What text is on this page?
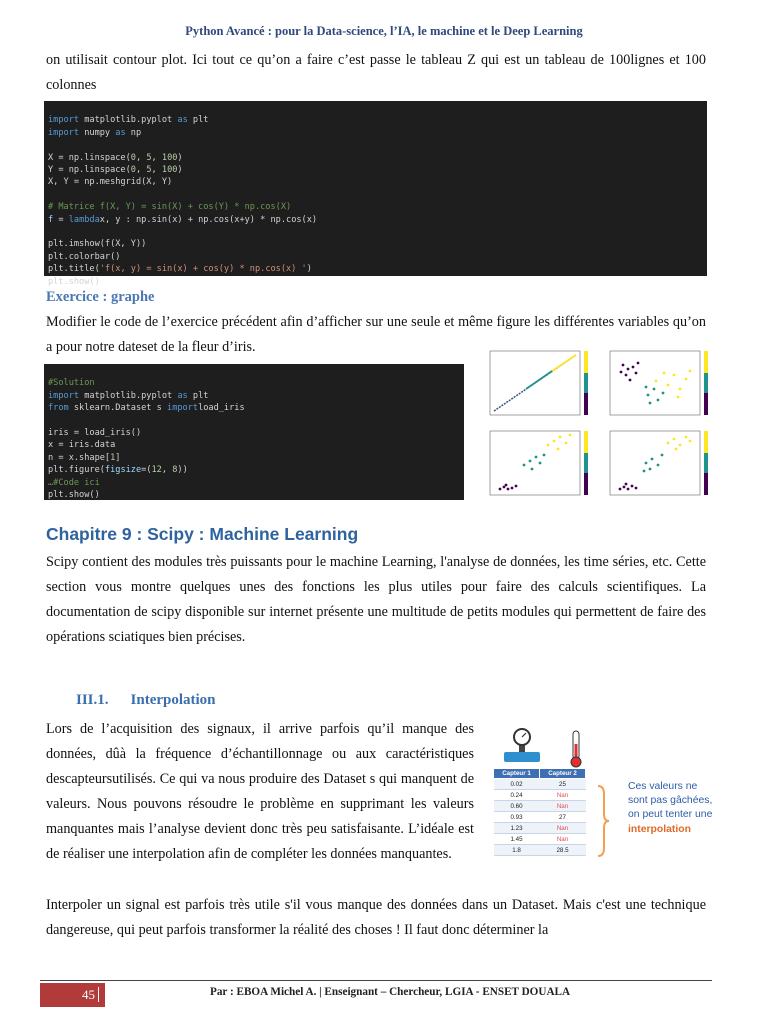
Python Avancé : pour la Data-science, l’IA, le machine et le Deep Learning

on utilisait contour plot. Ici tout ce qu’on a faire c’est passe le tableau Z qui est un tableau de 100lignes et 100 colonnes

import matplotlib.pyplot as plt
import numpy as np

X = np.linspace(0, 5, 100)
Y = np.linspace(0, 5, 100)
X, Y = np.meshgrid(X, Y)

# Matrice f(X, Y) = sin(X) + cos(Y) * np.cos(X)
f = lambdax, y : np.sin(x) + np.cos(x+y) * np.cos(x)

plt.imshow(f(X, Y))
plt.colorbar()
plt.title('f(x, y) = sin(x) + cos(y) * np.cos(x) ')
plt.show()

Exercice : graphe

Modifier le code de l’exercice précédent afin d’afficher sur une seule et même figure les différentes variables qu’on a pour notre dateset de la fleur d’iris.

#Solution
import matplotlib.pyplot as plt
from sklearn.Dataset s importload_iris

iris = load_iris()
x = iris.data
n = x.shape[1]
plt.figure(figsize=(12, 8))
…#Code ici
plt.show()

Chapitre 9 : Scipy : Machine Learning

Scipy contient des modules très puissants pour le machine Learning, l'analyse de données, les time séries, etc. Cette section vous montre quelques unes des fonctions les plus utiles pour faire des calculs scientifiques. La documentation de scipy disponible sur internet présente une multitude de petits modules qui permettent de faire des opérations sciatiques bien précises.

III.1. Interpolation

Lors de l’acquisition des signaux, il arrive parfois qu’il manque des données, dûà la fréquence d’échantillonnage ou aux caractéristiques descapteursutilisés. Ce qui va nous produire des Dataset s qui manquent de valeurs. Nous pouvons résoudre le problème en supprimant les valeurs manquantes mais l’analyse devient donc très peu satisfaisante. L’idéale est de réaliser une interpolation afin de compléter les données manquantes.

Capteur 1	Capteur 2
0.02	25
0.24	Nan
0.60	Nan
0.93	27
1.23	Nan
1.45	Nan
1.8	28.5
Ces valeurs ne sont pas gâchées, on peut tenter une interpolation

Interpoler un signal est parfois très utile s'il vous manque des données dans un Dataset. Mais c'est une technique dangereuse, qui peut parfois transformer la réalité des choses ! Il faut donc déterminer la

45	Par : EBOA Michel A. | Enseignant – Chercheur, LGIA - ENSET DOUALA
